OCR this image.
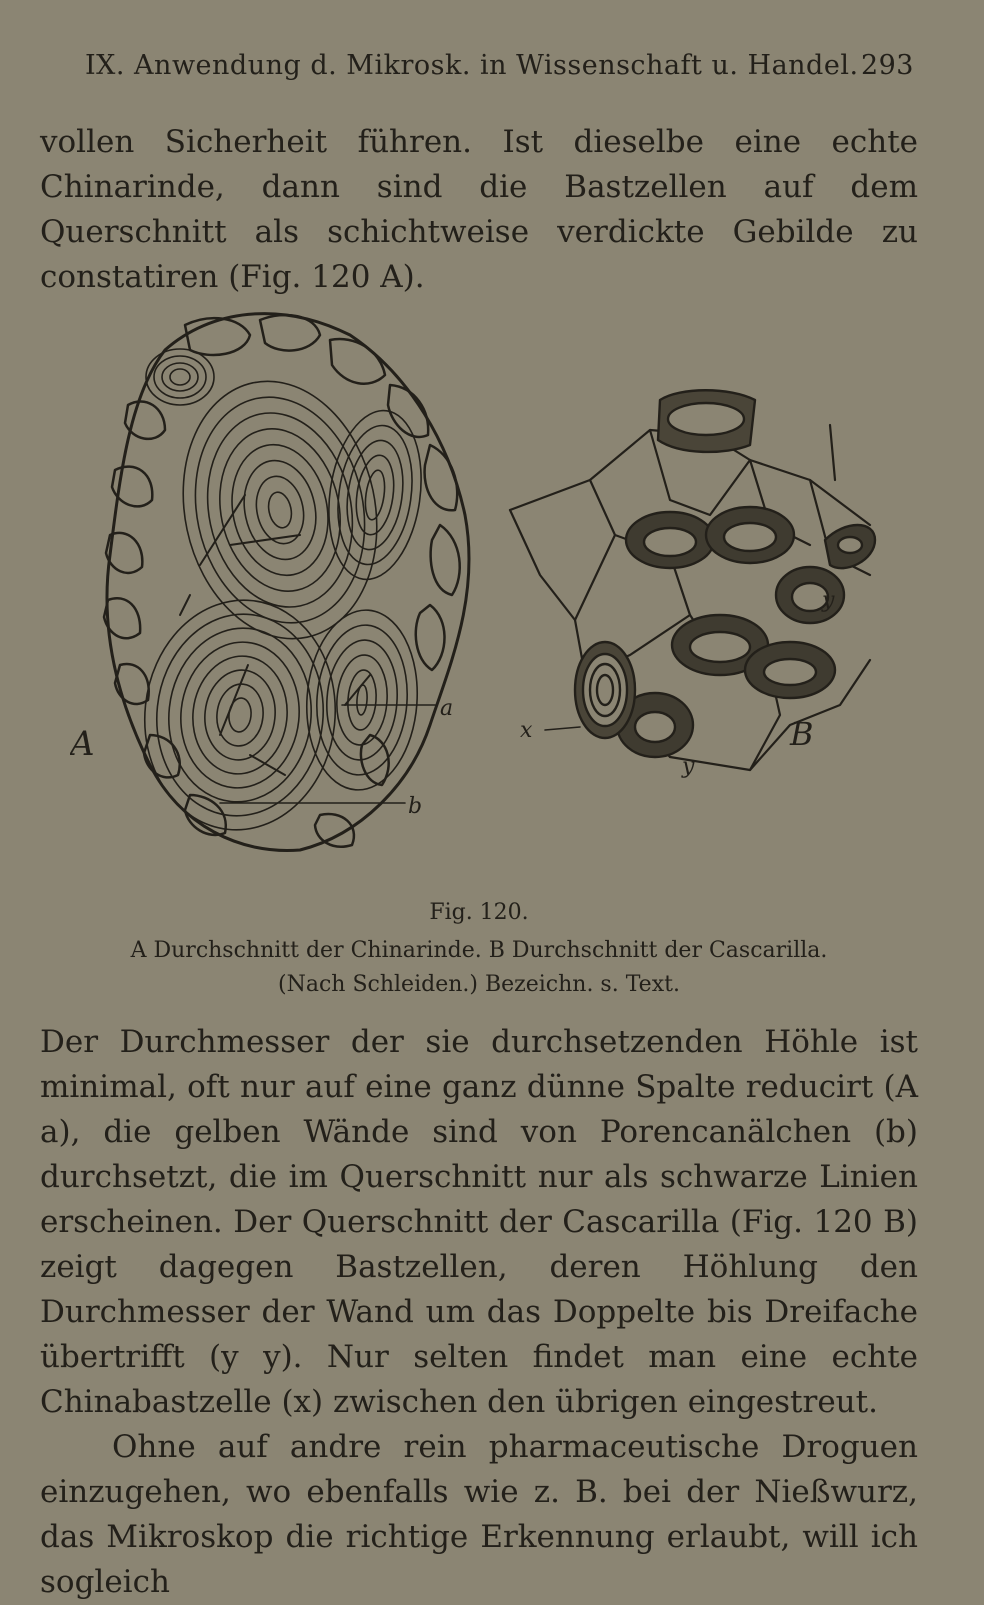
IX. Anwendung d. Mikrosk. in Wissenschaft u. Handel. 293

vollen Sicherheit führen. Ist dieselbe eine echte Chinarinde, dann sind die Bastzellen auf dem Querschnitt als schichtweise verdickte Gebilde zu constatiren (Fig. 120 A).

A
a
b
B
x
y
y
Fig. 120.
A Durchschnitt der Chinarinde. B Durchschnitt der Cascarilla.
(Nach Schleiden.) Bezeichn. s. Text.

Der Durchmesser der sie durchsetzenden Höhle ist minimal, oft nur auf eine ganz dünne Spalte reducirt (A a), die gelben Wände sind von Porencanälchen (b) durchsetzt, die im Querschnitt nur als schwarze Linien erscheinen. Der Querschnitt der Cascarilla (Fig. 120 B) zeigt dagegen Bastzellen, deren Höhlung den Durchmesser der Wand um das Doppelte bis Dreifache übertrifft (y y). Nur selten findet man eine echte Chinabastzelle (x) zwischen den übrigen eingestreut.

Ohne auf andre rein pharmaceutische Droguen einzugehen, wo ebenfalls wie z. B. bei der Nießwurz, das Mikroskop die richtige Erkennung erlaubt, will ich sogleich
